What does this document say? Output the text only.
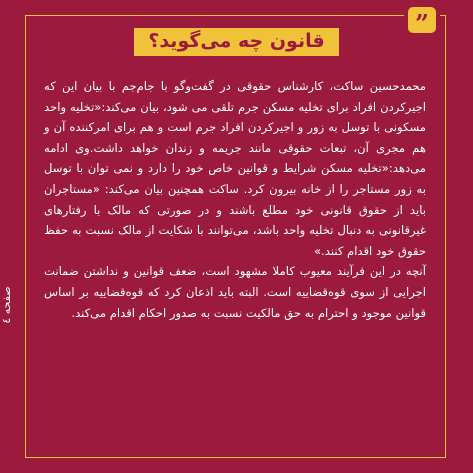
”
قانون چه می‌گوید؟

محمدحسین ساکت، کارشناس حقوقی در گفت‌وگو با جام‌جم با بیان این که اجیرکردن افراد برای تخلیه مسکن جرم تلقی می شود، بیان می‌کند:«تخلیه واحد مسکونی با توسل به زور و اجیرکردن افراد جرم است و هم برای امرکننده آن و هم مجری آن، تبعات حقوقی مانند جریمه و زندان خواهد داشت.وی ادامه می‌دهد:«تخلیه مسکن شرایط و قوانین خاص خود را دارد و نمی توان با توسل به زور مستاجر را از خانه بیرون کرد. ساکت همچنین بیان می‌کند: «مستاجران باید از حقوق قانونی خود مطلع باشند و در صورتی که مالک با رفتارهای غیرقانونی به دنبال تخلیه واحد باشد، می‌توانند با شکایت از مالک نسبت به حفظ حقوق خود اقدام کنند.»

آنچه در این فرآیند معیوب کاملا مشهود است، ضعف قوانین و نداشتن ضمانت اجرایی از سوی قوه‌قضاییه است. البته باید اذعان کرد که قوه‌قضاییه بر اساس قوانین موجود و احترام به حق مالکیت نسبت به صدور احکام اقدام می‌کند.

صفحه ٤
